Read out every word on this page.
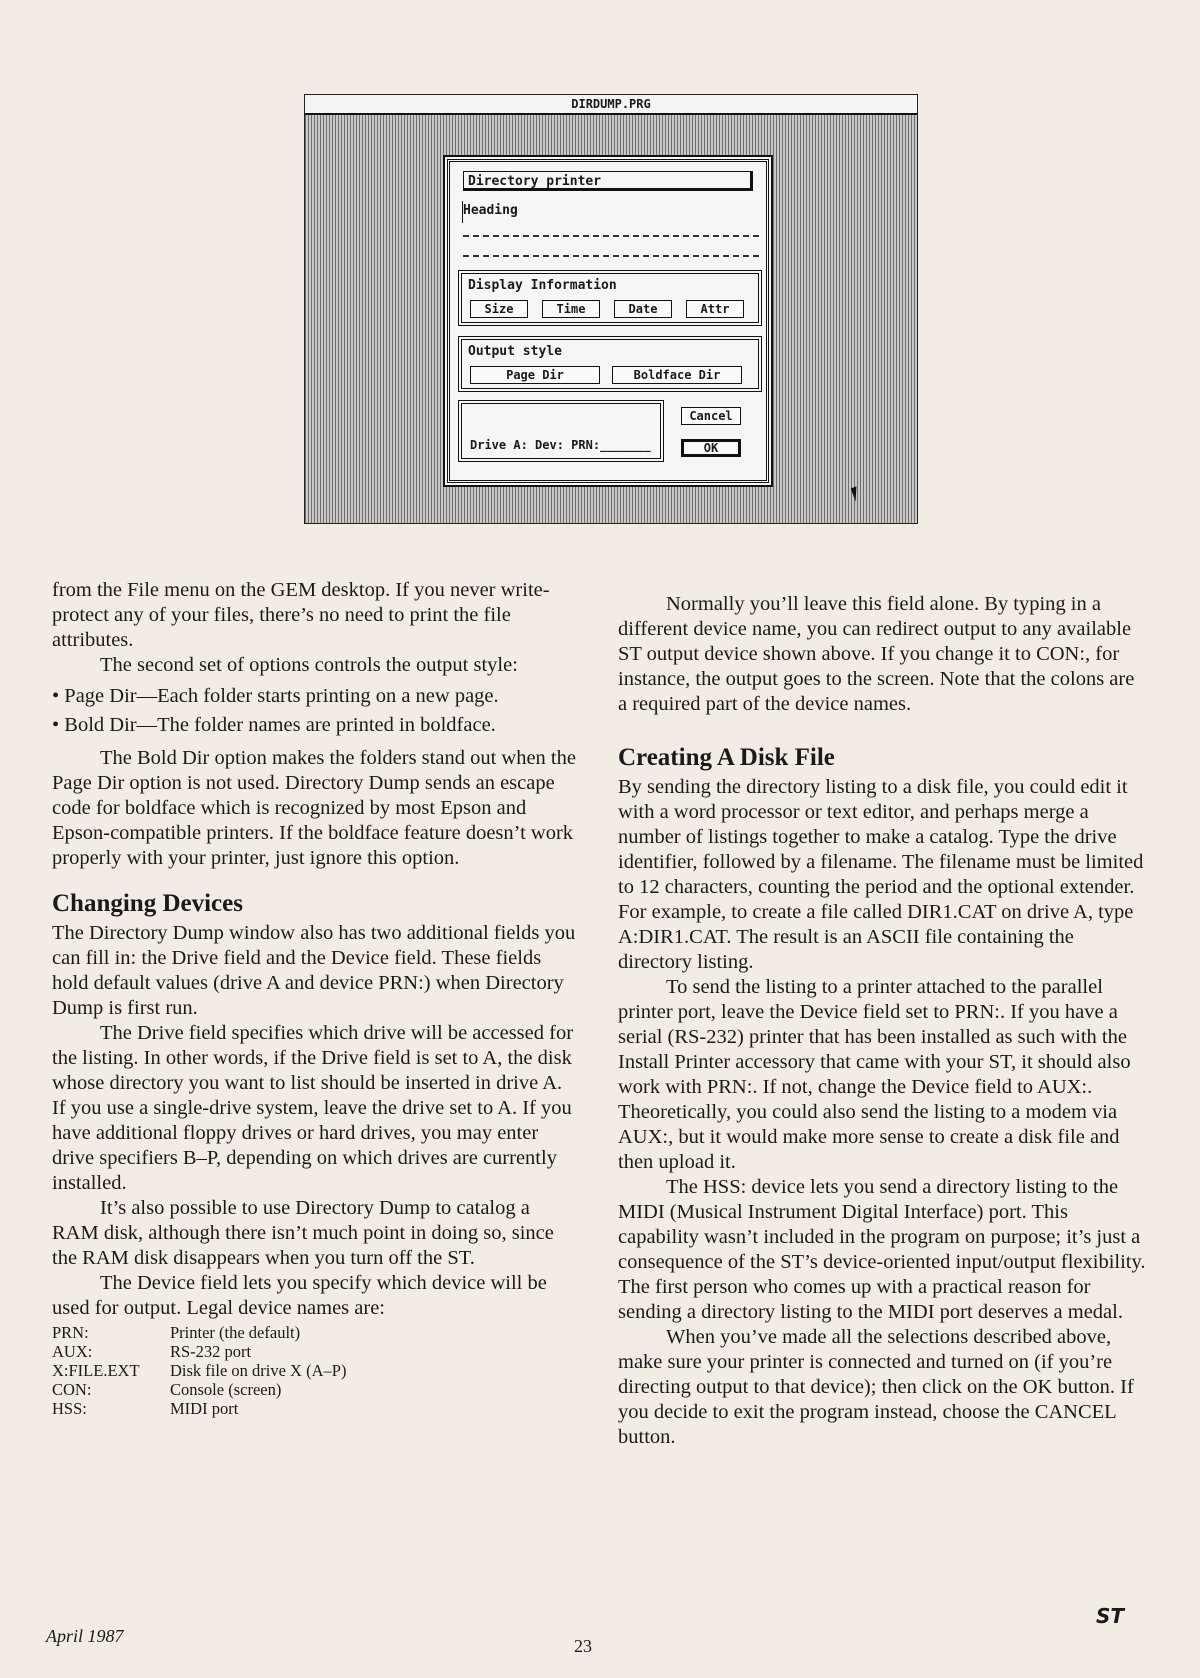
DIRDUMP.PRG
Directory printer
Heading
Display Information
Size	Time	Date	Attr
Output style
Page Dir	Boldface Dir
Drive A: Dev: PRN:_______
Cancel
OK

from the File menu on the GEM desktop. If you never write-protect any of your files, there’s no need to print the file attributes.

The second set of options controls the output style:

• Page Dir—Each folder starts printing on a new page.

• Bold Dir—The folder names are printed in boldface.

The Bold Dir option makes the folders stand out when the Page Dir option is not used. Directory Dump sends an escape code for boldface which is recognized by most Epson and Epson-compatible printers. If the boldface feature doesn’t work properly with your printer, just ignore this option.

Changing Devices

The Directory Dump window also has two additional fields you can fill in: the Drive field and the Device field. These fields hold default values (drive A and device PRN:) when Directory Dump is first run.

The Drive field specifies which drive will be accessed for the listing. In other words, if the Drive field is set to A, the disk whose directory you want to list should be inserted in drive A. If you use a single-drive system, leave the drive set to A. If you have additional floppy drives or hard drives, you may enter drive specifiers B–P, depending on which drives are currently installed.

It’s also possible to use Directory Dump to catalog a RAM disk, although there isn’t much point in doing so, since the RAM disk disappears when you turn off the ST.

The Device field lets you specify which device will be used for output. Legal device names are:

PRN:	Printer (the default)
AUX:	RS-232 port
X:FILE.EXT	Disk file on drive X (A–P)
CON:	Console (screen)
HSS:	MIDI port

Normally you’ll leave this field alone. By typing in a different device name, you can redirect output to any available ST output device shown above. If you change it to CON:, for instance, the output goes to the screen. Note that the colons are a required part of the device names.

Creating A Disk File

By sending the directory listing to a disk file, you could edit it with a word processor or text editor, and perhaps merge a number of listings together to make a catalog. Type the drive identifier, followed by a filename. The filename must be limited to 12 characters, counting the period and the optional extender. For example, to create a file called DIR1.CAT on drive A, type A:DIR1.CAT. The result is an ASCII file containing the directory listing.

To send the listing to a printer attached to the parallel printer port, leave the Device field set to PRN:. If you have a serial (RS-232) printer that has been installed as such with the Install Printer accessory that came with your ST, it should also work with PRN:. If not, change the Device field to AUX:. Theoretically, you could also send the listing to a modem via AUX:, but it would make more sense to create a disk file and then upload it.

The HSS: device lets you send a directory listing to the MIDI (Musical Instrument Digital Interface) port. This capability wasn’t included in the program on purpose; it’s just a consequence of the ST’s device-oriented input/output flexibility. The first person who comes up with a practical reason for sending a directory listing to the MIDI port deserves a medal.

When you’ve made all the selections described above, make sure your printer is connected and turned on (if you’re directing output to that device); then click on the OK button. If you decide to exit the program instead, choose the CANCEL button.

April 1987	23
ST
